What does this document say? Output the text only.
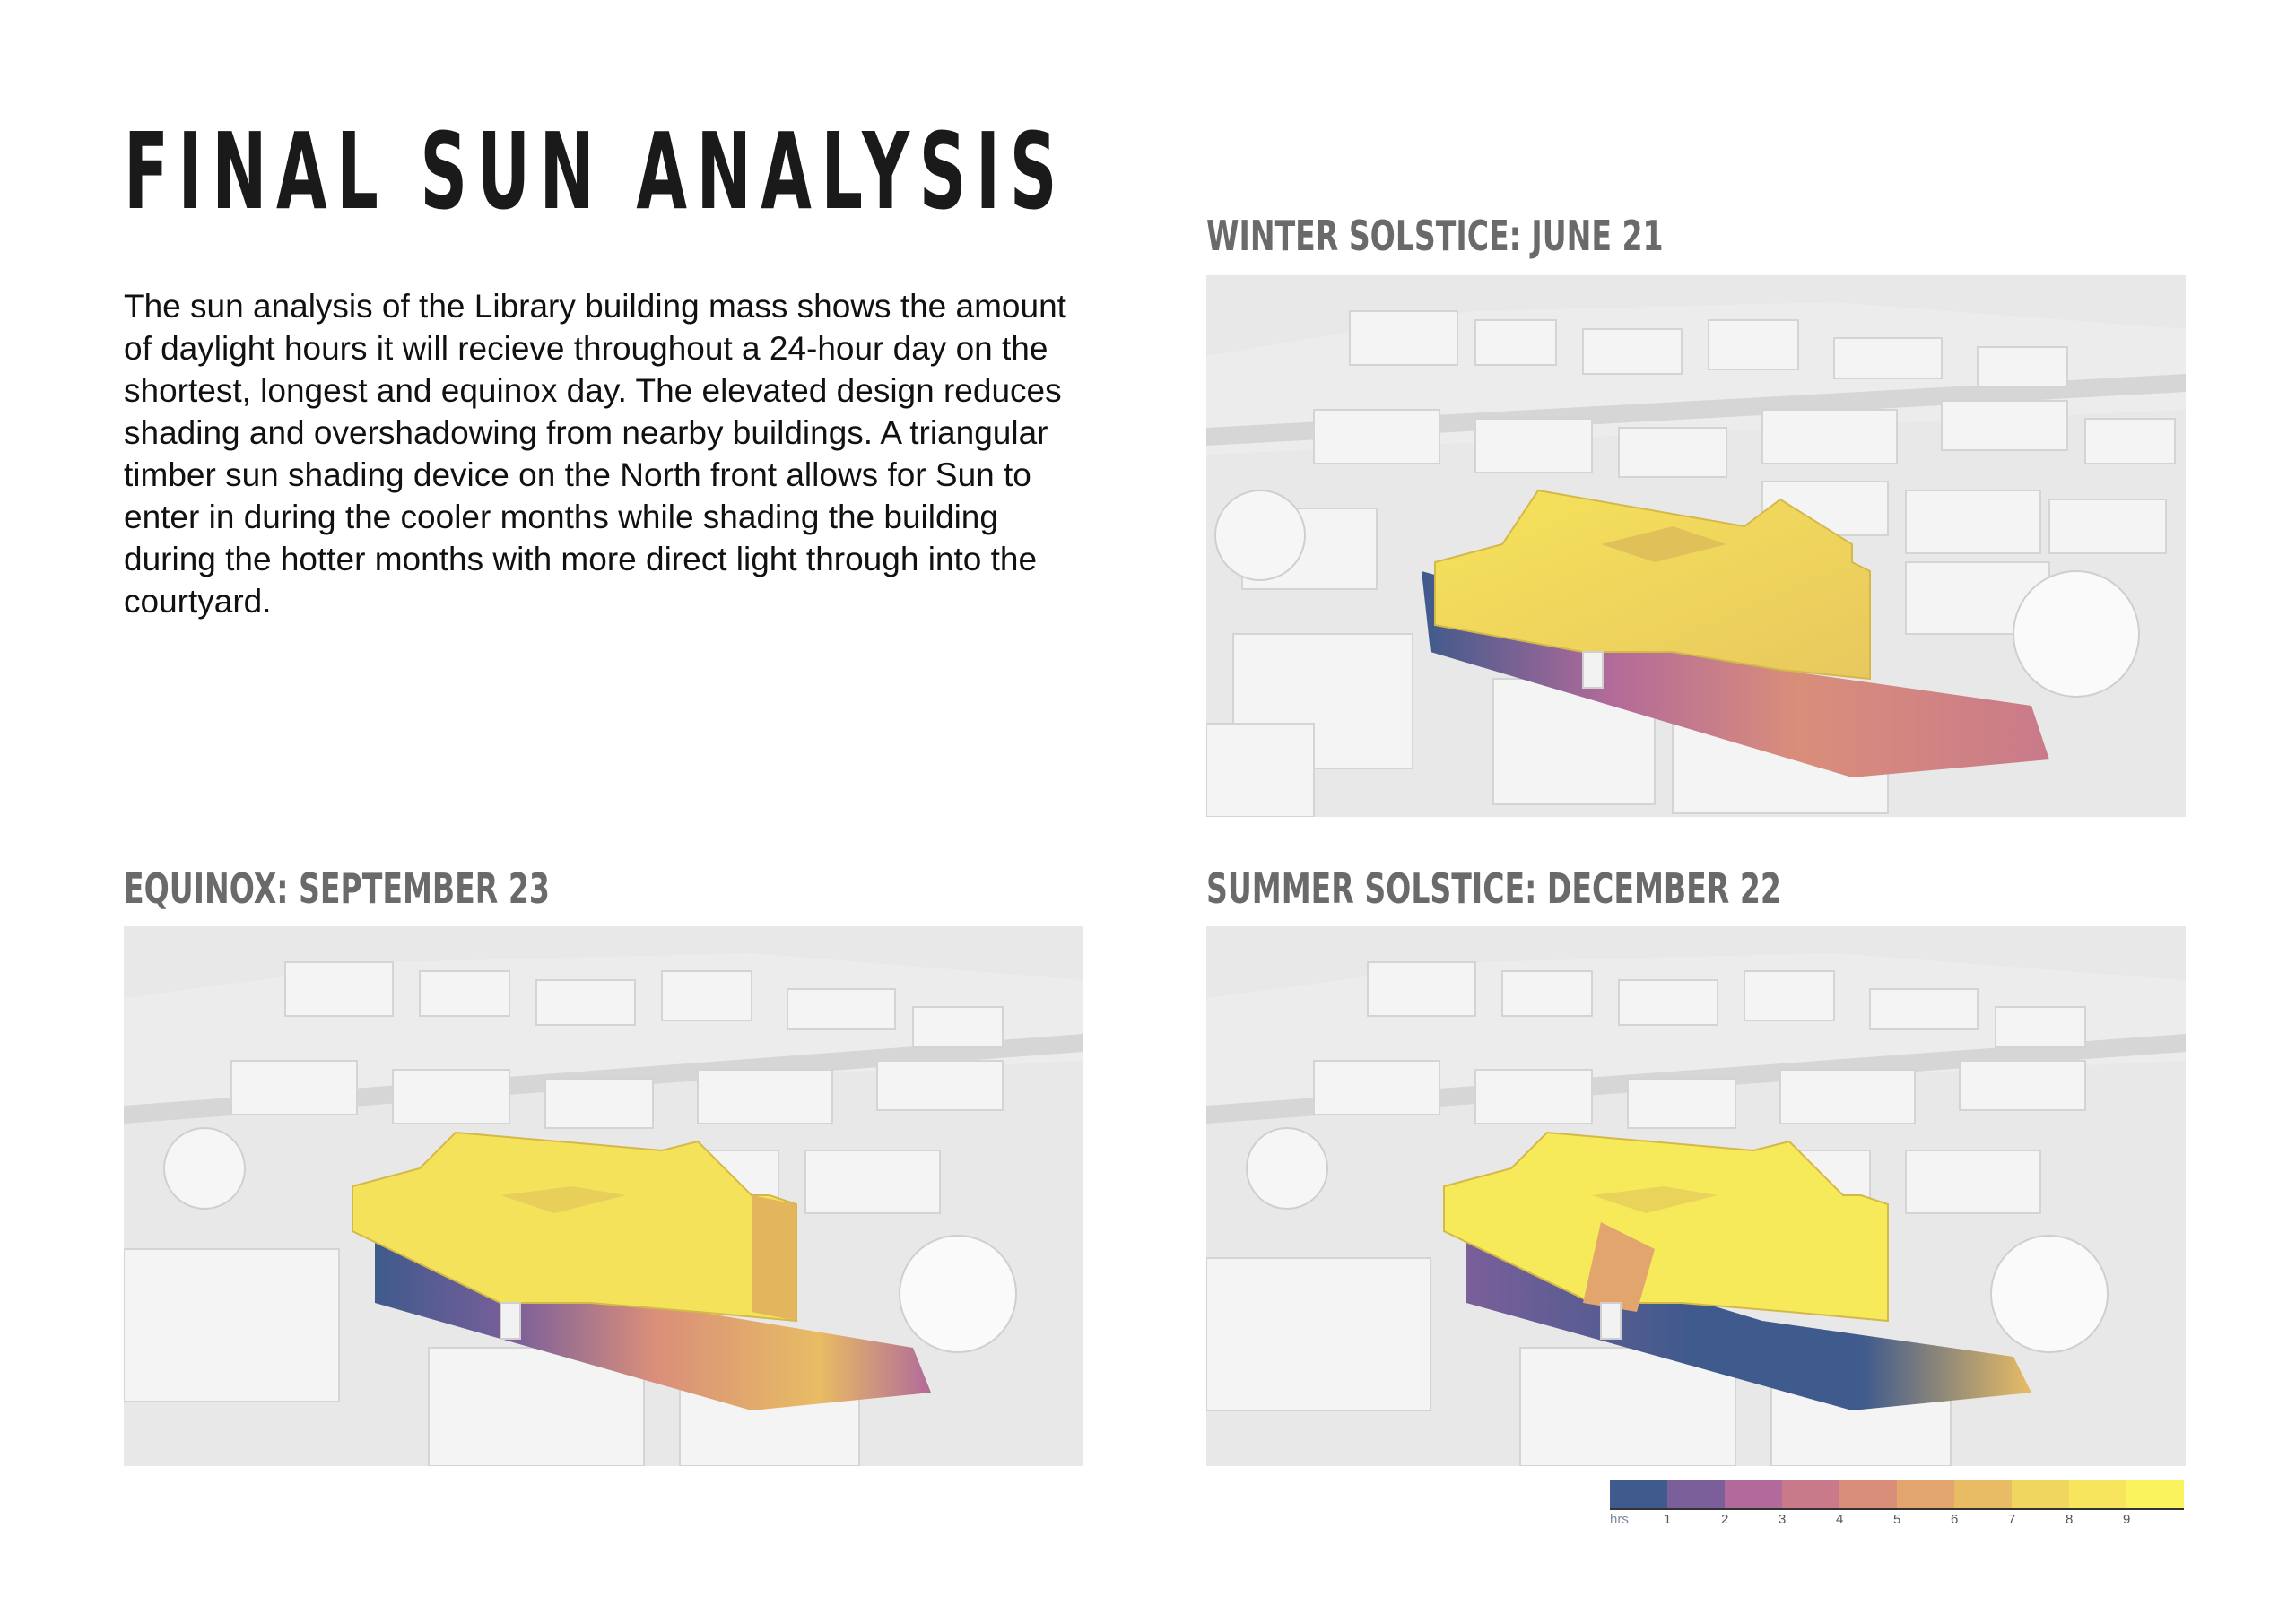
FINAL SUN ANALYSIS
The sun analysis of the Library building mass shows the amount of daylight hours it will recieve throughout a 24-hour day on the shortest, longest and equinox day. The elevated design reduces shading and overshadowing from nearby buildings. A triangular timber sun shading device on the North front allows for Sun to enter in during the cooler months while shading the building during the hotter months with more direct light through into the courtyard.
WINTER SOLSTICE: JUNE 21
EQUINOX: SEPTEMBER 23	SUMMER SOLSTICE: DECEMBER 22
hrs	1	2	3	4	5	6	7	8	9
